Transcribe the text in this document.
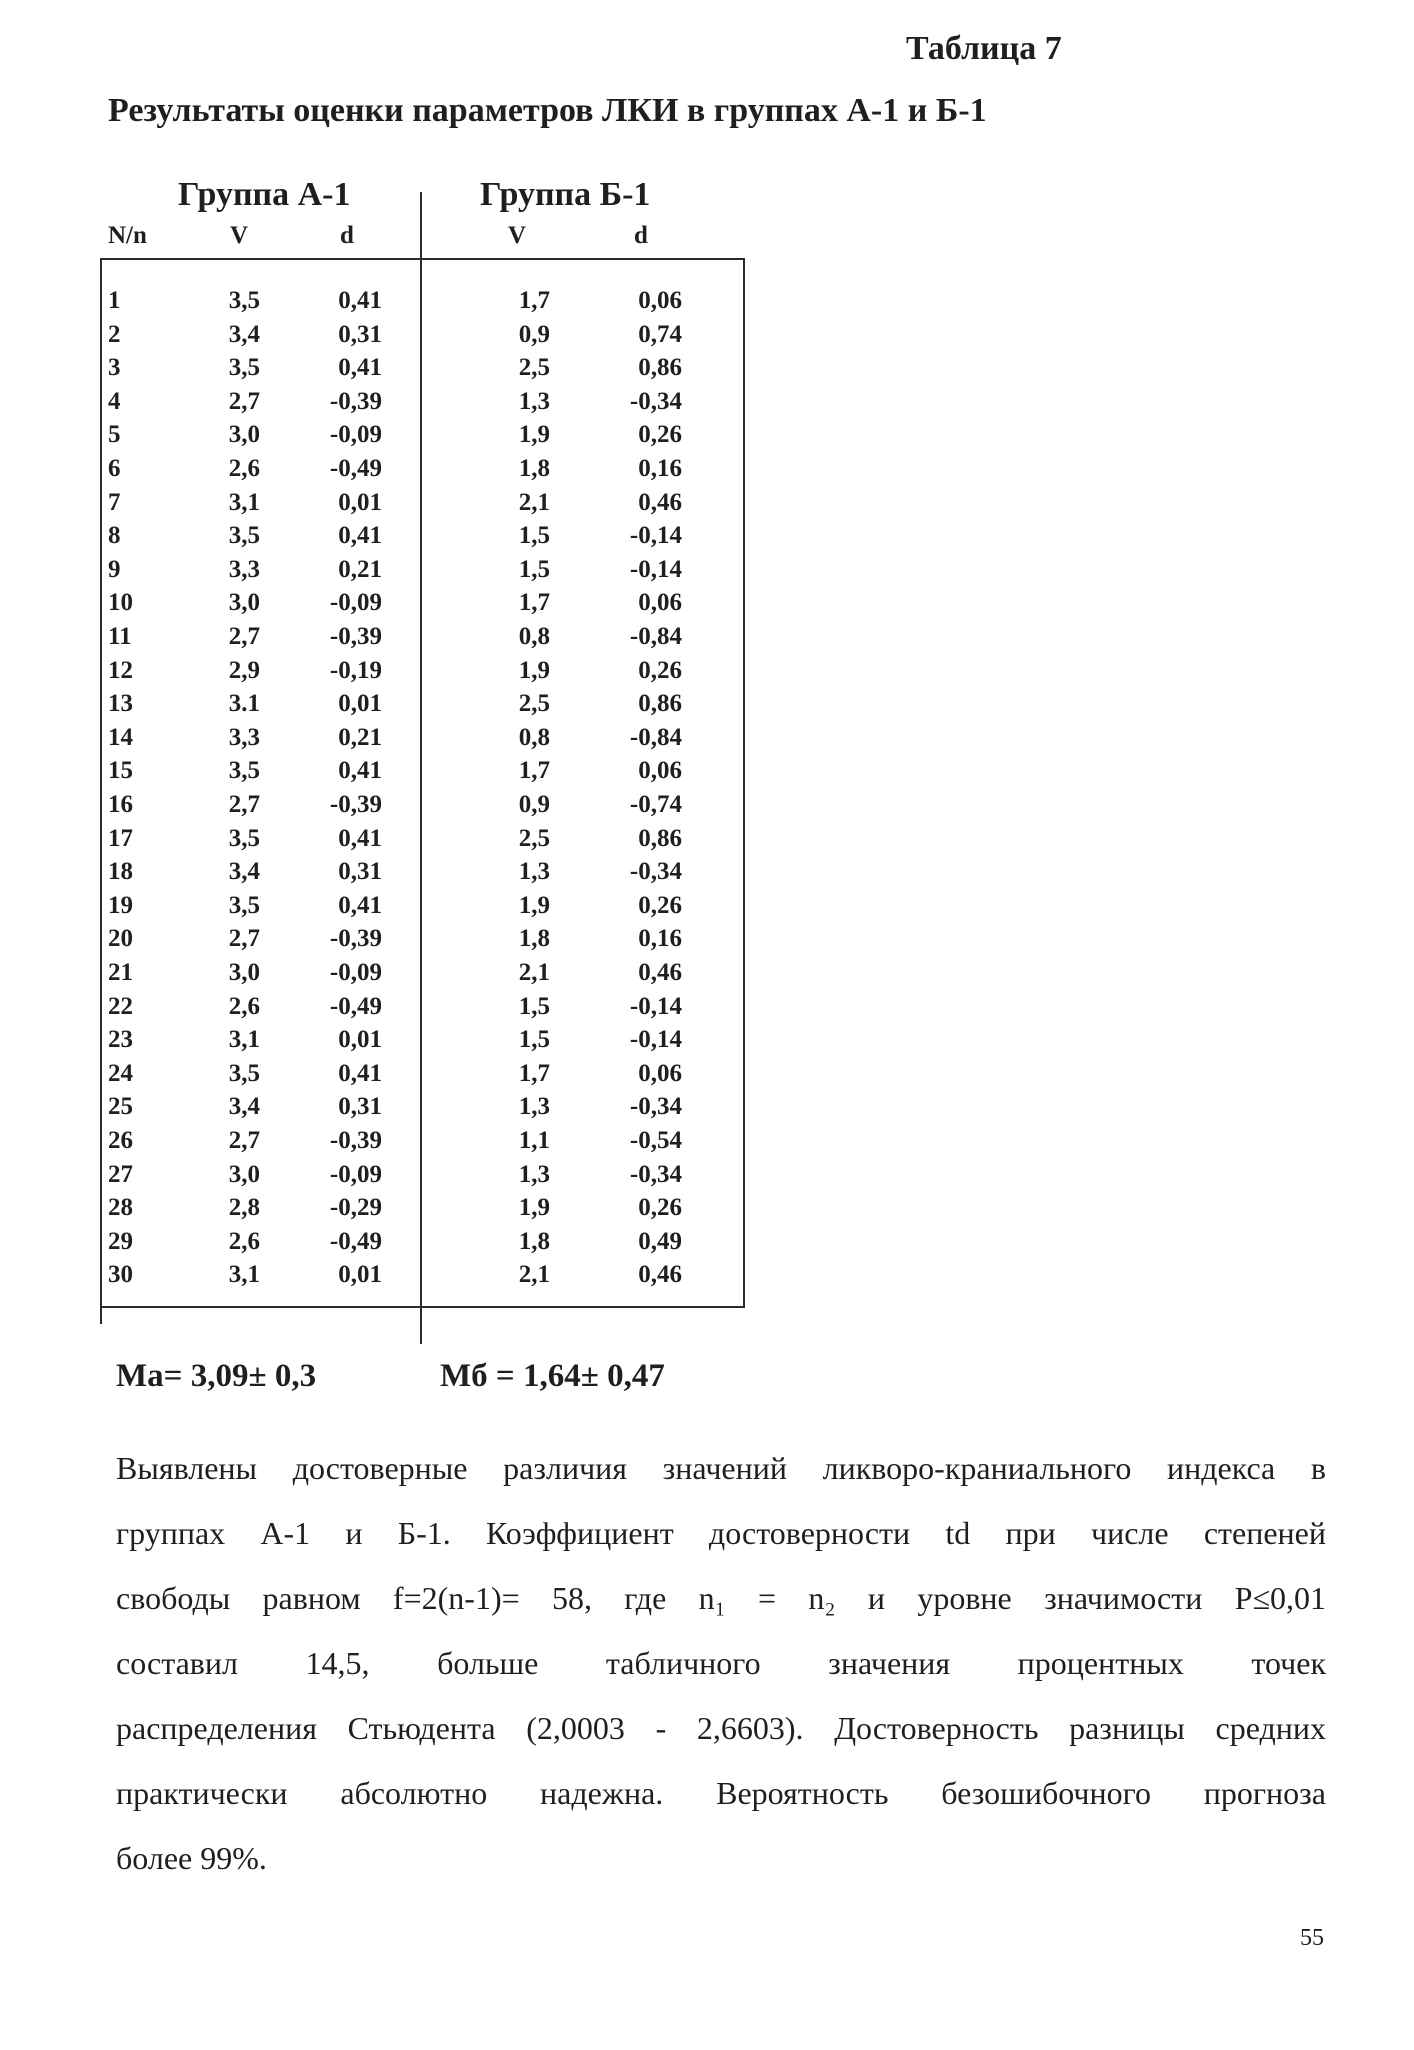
Таблица 7
Результаты оценки параметров ЛКИ в группах А-1 и Б-1
Группа А-1	Группа Б-1
N/n	V	d	V	d
1	3,5	0,41	1,7	0,06
2	3,4	0,31	0,9	0,74
3	3,5	0,41	2,5	0,86
4	2,7	-0,39	1,3	-0,34
5	3,0	-0,09	1,9	0,26
6	2,6	-0,49	1,8	0,16
7	3,1	0,01	2,1	0,46
8	3,5	0,41	1,5	-0,14
9	3,3	0,21	1,5	-0,14
10	3,0	-0,09	1,7	0,06
11	2,7	-0,39	0,8	-0,84
12	2,9	-0,19	1,9	0,26
13	3.1	0,01	2,5	0,86
14	3,3	0,21	0,8	-0,84
15	3,5	0,41	1,7	0,06
16	2,7	-0,39	0,9	-0,74
17	3,5	0,41	2,5	0,86
18	3,4	0,31	1,3	-0,34
19	3,5	0,41	1,9	0,26
20	2,7	-0,39	1,8	0,16
21	3,0	-0,09	2,1	0,46
22	2,6	-0,49	1,5	-0,14
23	3,1	0,01	1,5	-0,14
24	3,5	0,41	1,7	0,06
25	3,4	0,31	1,3	-0,34
26	2,7	-0,39	1,1	-0,54
27	3,0	-0,09	1,3	-0,34
28	2,8	-0,29	1,9	0,26
29	2,6	-0,49	1,8	0,49
30	3,1	0,01	2,1	0,46
Ма= 3,09± 0,3	Мб = 1,64± 0,47
Выявлены достоверные различия значений ликворо-краниального индекса в
группах А-1 и Б-1. Коэффициент достоверности td при числе степеней
свободы равном f=2(n-1)= 58, где n₁ = n₂ и уровне значимости P≤0,01
составил 14,5, больше табличного значения процентных точек
распределения Стьюдента (2,0003 - 2,6603). Достоверность разницы средних
практически абсолютно надежна. Вероятность безошибочного прогноза
более 99%.
55
